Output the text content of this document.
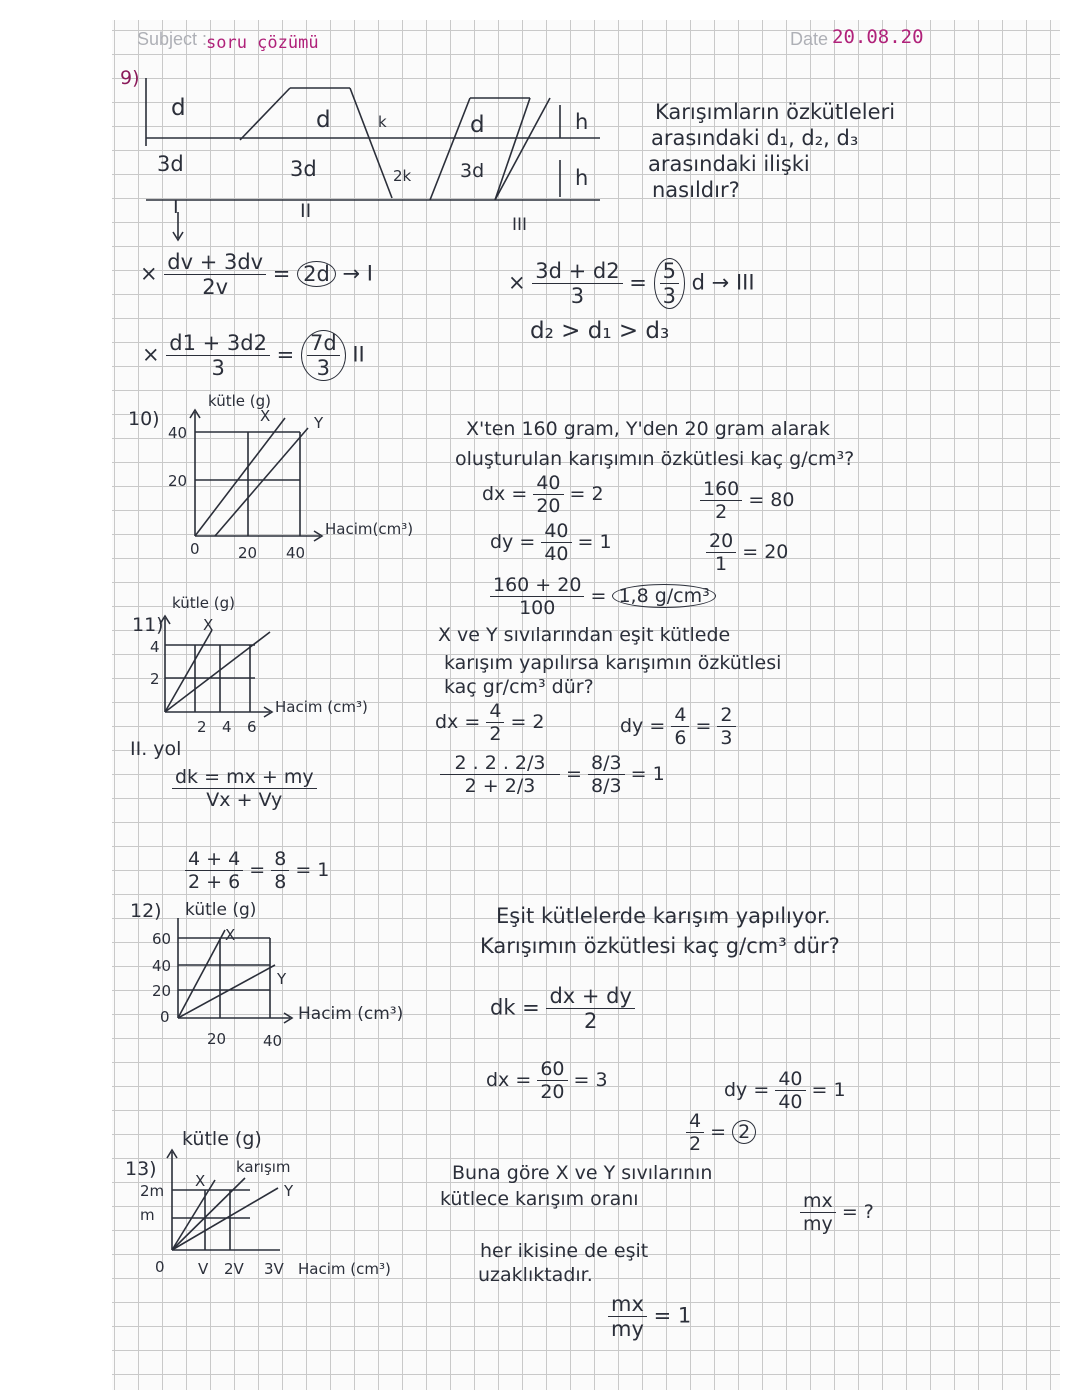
Subject :
soru çözümü	Date 20.08.20
9)
d
3d
d	k
3d	2k
d
3d
h
h
I	II
III
Karışımların özkütleleri
arasındaki d₁, d₂, d₃
arasındaki ilişki
nasıldır?
× $\frac{dv + 3dv}{2v} = 2d \to I$
× $\frac{d1 + 3d2}{3} = \frac{7d}{3}$ II
× $\frac{3d + d2}{3} = \frac{5}{3}$ d → III
d₂ > d₁ > d₃
10)
kütle (g)
X	Y
40
20
0	20 40
Hacim(cm³)
X'ten 160 gram, Y'den 20 gram alarak
oluşturulan karışımın özkütlesi kaç g/cm³?
dx = $\frac{40}{20} = 2$	$\frac{160}{2} = 80$
dy = $\frac{40}{40} = 1$	$\frac{20}{1} = 20$
$\frac{160 + 20}{100} = 1,8$ g/cm³
11)
kütle (g)
X
4
2
2 4 6
Hacim (cm³)
II. yol
$\frac{dk = mx + my}{Vx + Vy}$
$\frac{4 + 4}{2 + 6} = \frac{8}{8} = 1$
X ve Y sıvılarından eşit kütlede
karışım yapılırsa karışımın özkütlesi
kaç gr/cm³ dür?
dx = $\frac{4}{2} = 2$	dy = $\frac{4}{6} = \frac{2}{3}$
$\frac{2 . 2 . 2/3}{2 + 2/3} = \frac{8/3}{8/3} = 1$
12) kütle (g)
X
Y
60
40
20
0
20 40
Hacim (cm³)
Eşit kütlelerde karışım yapılıyor.
Karışımın özkütlesi kaç g/cm³ dür?
dk = $\frac{dx + dy}{2}$
dx = $\frac{60}{20} = 3$	dy = $\frac{40}{40} = 1$
$\frac{4}{2} = 2$
13)
kütle (g)
karışım
X
Y
2m
m
0 V 2V 3V Hacim (cm³)
Buna göre X ve Y sıvılarının
kütlece karışım oranı	$\frac{mx}{my}$ = ?
her ikisine de eşit
uzaklıktadır.
$\frac{mx}{my} = 1$
